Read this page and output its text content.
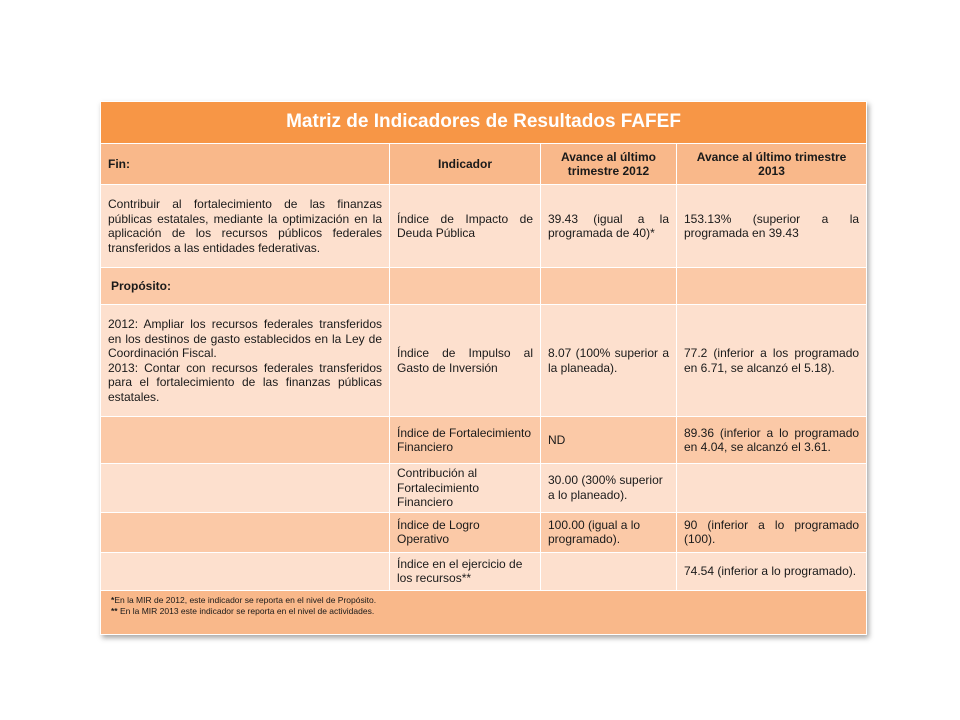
Matriz de Indicadores de Resultados FAFEF			
Fin:	Indicador	Avance al último trimestre 2012	Avance al último trimestre 2013
Contribuir al fortalecimiento de las finanzas públicas estatales, mediante la optimización en la aplicación de los recursos públicos federales transferidos a las entidades federativas.	Índice de Impacto de Deuda Pública	39.43 (igual a la programada de 40)*	153.13% (superior a la programada en 39.43
Propósito:			

2012: Ampliar los recursos federales transferidos en los destinos de gasto establecidos en la Ley de Coordinación Fiscal.
2013: Contar con recursos federales transferidos para el fortalecimiento de las finanzas públicas estatales.	Índice de Impulso al Gasto de Inversión	8.07 (100% superior a la planeada).	77.2 (inferior a los programado en 6.71, se alcanzó el 5.18).
	Índice de Fortalecimiento Financiero	ND	89.36 (inferior a lo programado en 4.04, se alcanzó el 3.61.
	Contribución al Fortalecimiento Financiero	30.00 (300% superior a lo planeado).	
	Índice de Logro Operativo	100.00 (igual a lo programado).	90 (inferior a lo programado (100).
	Índice en el ejercicio de los recursos**		74.54 (inferior a lo programado).

*En la MIR de 2012, este indicador se reporta en el nivel de Propósito.
** En la MIR 2013 este indicador se reporta en el nivel de actividades.			
